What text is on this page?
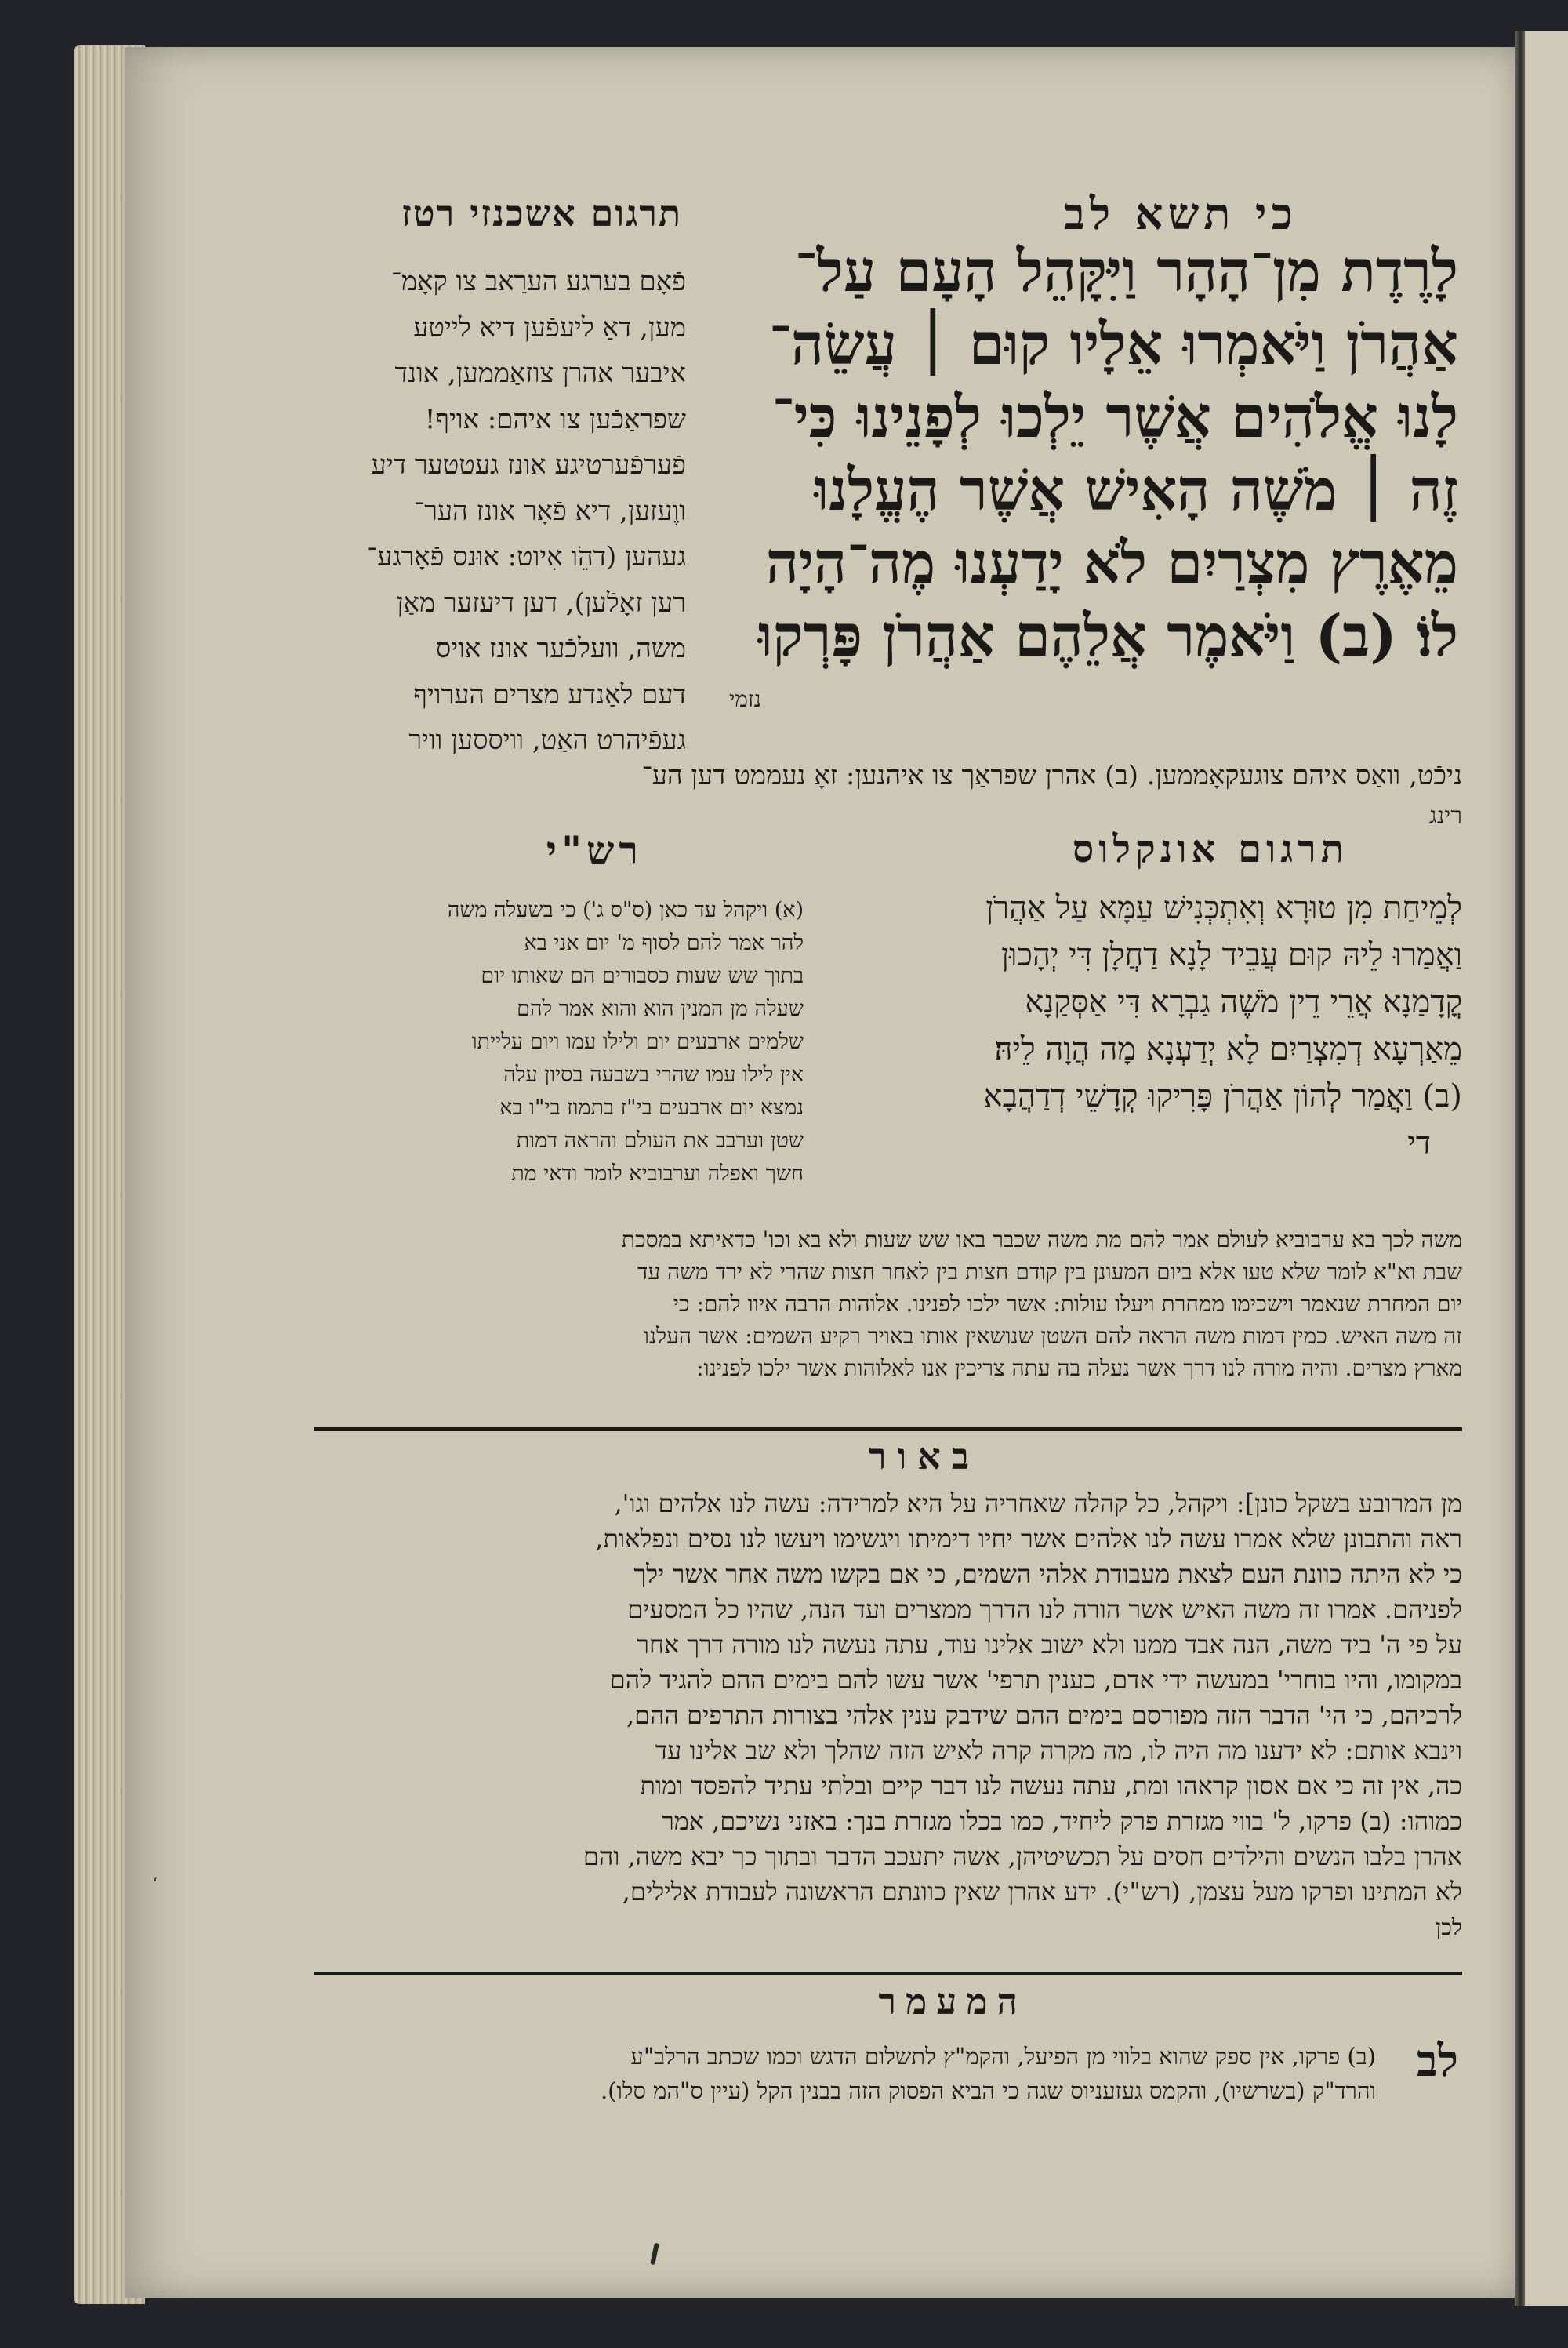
כי תשא לב
תרגום אשכנזי רטז
לָרֶדֶת מִן־הָהָר וַיִּקָּהֵל הָעָם עַל־
אַהֲרֹן וַיֹּאמְרוּ אֵלָיו קוּם ׀ עֲשֵׂה־
לָנוּ אֱלֹהִים אֲשֶׁר יֵלְכוּ לְפָנֵינוּ כִּי־
זֶה ׀ מֹשֶׁה הָאִישׁ אֲשֶׁר הֶעֱלָנוּ
מֵאֶרֶץ מִצְרַיִם לֹא יָדַעְנוּ מֶה־הָיָה
לוֹ׃ (ב) וַיֹּאמֶר אֲלֵהֶם אַהֲרֹן פָּרְקוּ
נזמי
פֿאָם בערגע הערַאב צו קאָמ־
מען, דאַ ליעפֿען דיא לייטע
איבער אהרן צוזאַממען, אונד
שפראַכֿען צו איהם: אויף!
פֿערפֿערטיגע אונז געטטער דיע
ווֶעזען, דיא פֿאָר אונז הער־
געהען (דהֵֹו אִיוט: אוּנס פֿאָרגע־
רען זאָלֿען), דען דיעזער מאַן
משה, וועלכֿער אונז אויס
דעם לאַנדע מצרים הערויף
געפֿיהרט האַט, וויססען וויר
ניכֿט, וואַס איהם צוגעקאָממען. (ב) אהרן שפראַך צו איהנען: זאָ נעממט דען הע־
רינג
תרגום אונקלוס
לְמֵיחַת מִן טוּרָא וְאִתְכְּנִישׁ עַמָּא עַל אַהֲרֹן
וַאֲמַרוּ לֵיהּ קוּם עֲבֵיד לָנָא דַחֲלָן דִּי יְהָכוּן
קֳדָמַנָא אֲרֵי דֵין מֹשֶׁה גַבְרָא דִּי אַסְּקַנָא
מֵאַרְעָא דְמִצְרַיִם לָא יְדַעְנָא מָה הֲוָה לֵיהּ׃
(ב) וַאֲמַר לְהוֹן אַהֲרֹן פָּרִיקוּ קְדָשֵׁי דְדַהֲבָא
די
רש"י
(א) ויקהל עד כאן (ס"ס ג') כי בשעלה משה
להר אמר להם לסוף מ' יום אני בא
בתוך שש שעות כסבורים הם שאותו יום
שעלה מן המנין הוא והוא אמר להם
שלמים ארבעים יום ולילו עמו ויום עלייתו
אין לילו עמו שהרי בשבעה בסיון עלה
נמצא יום ארבעים בי"ז בתמוז בי"ו בא
שטן וערבב את העולם והראה דמות
חשך ואפלה וערבוביא לומר ודאי מת
משה לכך בא ערבוביא לעולם אמר להם מת משה שכבר באו שש שעות ולא בא וכו' כדאיתא במסכת
שבת וא"א לומר שלא טעו אלא ביום המעונן בין קודם חצות בין לאחר חצות שהרי לא ירד משה עד
יום המחרת שנאמר וישכימו ממחרת ויעלו עולות: אשר ילכו לפנינו. אלוהות הרבה איוו להם: כי
זה משה האיש. כמין דמות משה הראה להם השטן שנושאין אותו באויר רקיע השמים: אשר העלנו
מארץ מצרים. והיה מורה לנו דרך אשר נעלה בה עתה צריכין אנו לאלוהות אשר ילכו לפנינו:
באור
מן המרובע בשקל כונן]: ויקהל, כל קהלה שאחריה על היא למרידה: עשה לנו אלהים וגו',
ראה והתבונן שלא אמרו עשה לנו אלהים אשר יחיו דימיתו ויגשימו ויעשו לנו נסים ונפלאות,
כי לא היתה כוונת העם לצאת מעבודת אלהי השמים, כי אם בקשו משה אחר אשר ילך
לפניהם. אמרו זה משה האיש אשר הורה לנו הדרך ממצרים ועד הנה, שהיו כל המסעים
על פי ה' ביד משה, הנה אבד ממנו ולא ישוב אלינו עוד, עתה נעשה לנו מורה דרך אחר
במקומו, והיו בוחרי' במעשה ידי אדם, כענין תרפי' אשר עשו להם בימים ההם להגיד להם
לרכיהם, כי הי' הדבר הזה מפורסם בימים ההם שידבק ענין אלהי בצורות התרפים ההם,
וינבא אותם: לא ידענו מה היה לו, מה מקרה קרה לאיש הזה שהלך ולא שב אלינו עד
כה, אין זה כי אם אסון קראהו ומת, עתה נעשה לנו דבר קיים ובלתי עתיד להפסד ומות
כמוהו: (ב) פרקו, ל' בווי מגזרת פרק ליחיד, כמו בכלו מגזרת בנך: באזני נשיכם, אמר
אהרן בלבו הנשים והילדים חסים על תכשיטיהן, אשה יתעכב הדבר ובתוך כך יבא משה, והם
לא המתינו ופרקו מעל עצמן, (רש"י). ידע אהרן שאין כוונתם הראשונה לעבודת אלילים,
לכן
המעמר
לב
(ב) פרקו, אין ספק שהוא בלווי מן הפיעל, והקמ"ץ לתשלום הדגש וכמו שכתב הרלב"ע
והרד"ק (בשרשיו), והקמס געזעניוס שגה כי הביא הפסוק הזה בבנין הקל (עיין ס"המ סלו).
ʻ
